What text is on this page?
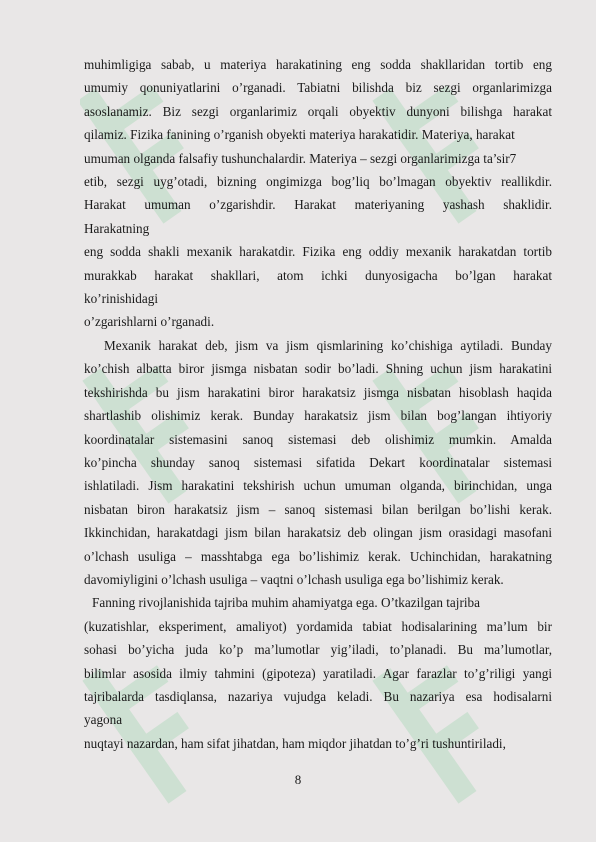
muhimligiga sabab, u materiya harakatining eng sodda shakllaridan tortib eng

umumiy qonuniyatlarini o’rganadi. Tabiatni bilishda biz sezgi organlarimizga

asoslanamiz. Biz sezgi organlarimiz orqali obyektiv dunyoni bilishga harakat

qilamiz. Fizika fanining o’rganish obyekti materiya harakatidir. Materiya, harakat

umuman olganda falsafiy tushunchalardir. Materiya – sezgi organlarimizga ta’sir7

etib, sezgi uyg’otadi, bizning ongimizga bog’liq bo’lmagan obyektiv reallikdir.

Harakat umuman o’zgarishdir. Harakat materiyaning yashash shaklidir.

Harakatning

eng sodda shakli mexanik harakatdir. Fizika eng oddiy mexanik harakatdan tortib

murakkab harakat shakllari, atom ichki dunyosigacha bo’lgan harakat

ko’rinishidagi

o’zgarishlarni o’rganadi.

Mexanik harakat deb, jism va jism qismlarining ko’chishiga aytiladi. Bunday

ko’chish albatta biror jismga nisbatan sodir bo’ladi. Shning uchun jism harakatini

tekshirishda bu jism harakatini biror harakatsiz jismga nisbatan hisoblash haqida

shartlashib olishimiz kerak. Bunday harakatsiz jism bilan bog’langan ihtiyoriy

koordinatalar sistemasini sanoq sistemasi deb olishimiz mumkin. Amalda

ko’pincha shunday sanoq sistemasi sifatida Dekart koordinatalar sistemasi

ishlatiladi. Jism harakatini tekshirish uchun umuman olganda, birinchidan, unga

nisbatan biron harakatsiz jism – sanoq sistemasi bilan berilgan bo’lishi kerak.

Ikkinchidan, harakatdagi jism bilan harakatsiz deb olingan jism orasidagi masofani

o’lchash usuliga – masshtabga ega bo’lishimiz kerak. Uchinchidan, harakatning

davomiyligini o’lchash usuliga – vaqtni o’lchash usuliga ega bo’lishimiz kerak.

Fanning rivojlanishida tajriba muhim ahamiyatga ega. O’tkazilgan tajriba

(kuzatishlar, eksperiment, amaliyot) yordamida tabiat hodisalarining ma’lum bir

sohasi bo’yicha juda ko’p ma’lumotlar yig’iladi, to’planadi. Bu ma’lumotlar,

bilimlar asosida ilmiy tahmini (gipoteza) yaratiladi. Agar farazlar to’g’riligi yangi

tajribalarda tasdiqlansa, nazariya vujudga keladi. Bu nazariya esa hodisalarni

yagona

nuqtayi nazardan, ham sifat jihatdan, ham miqdor jihatdan to’g’ri tushuntiriladi,

8
